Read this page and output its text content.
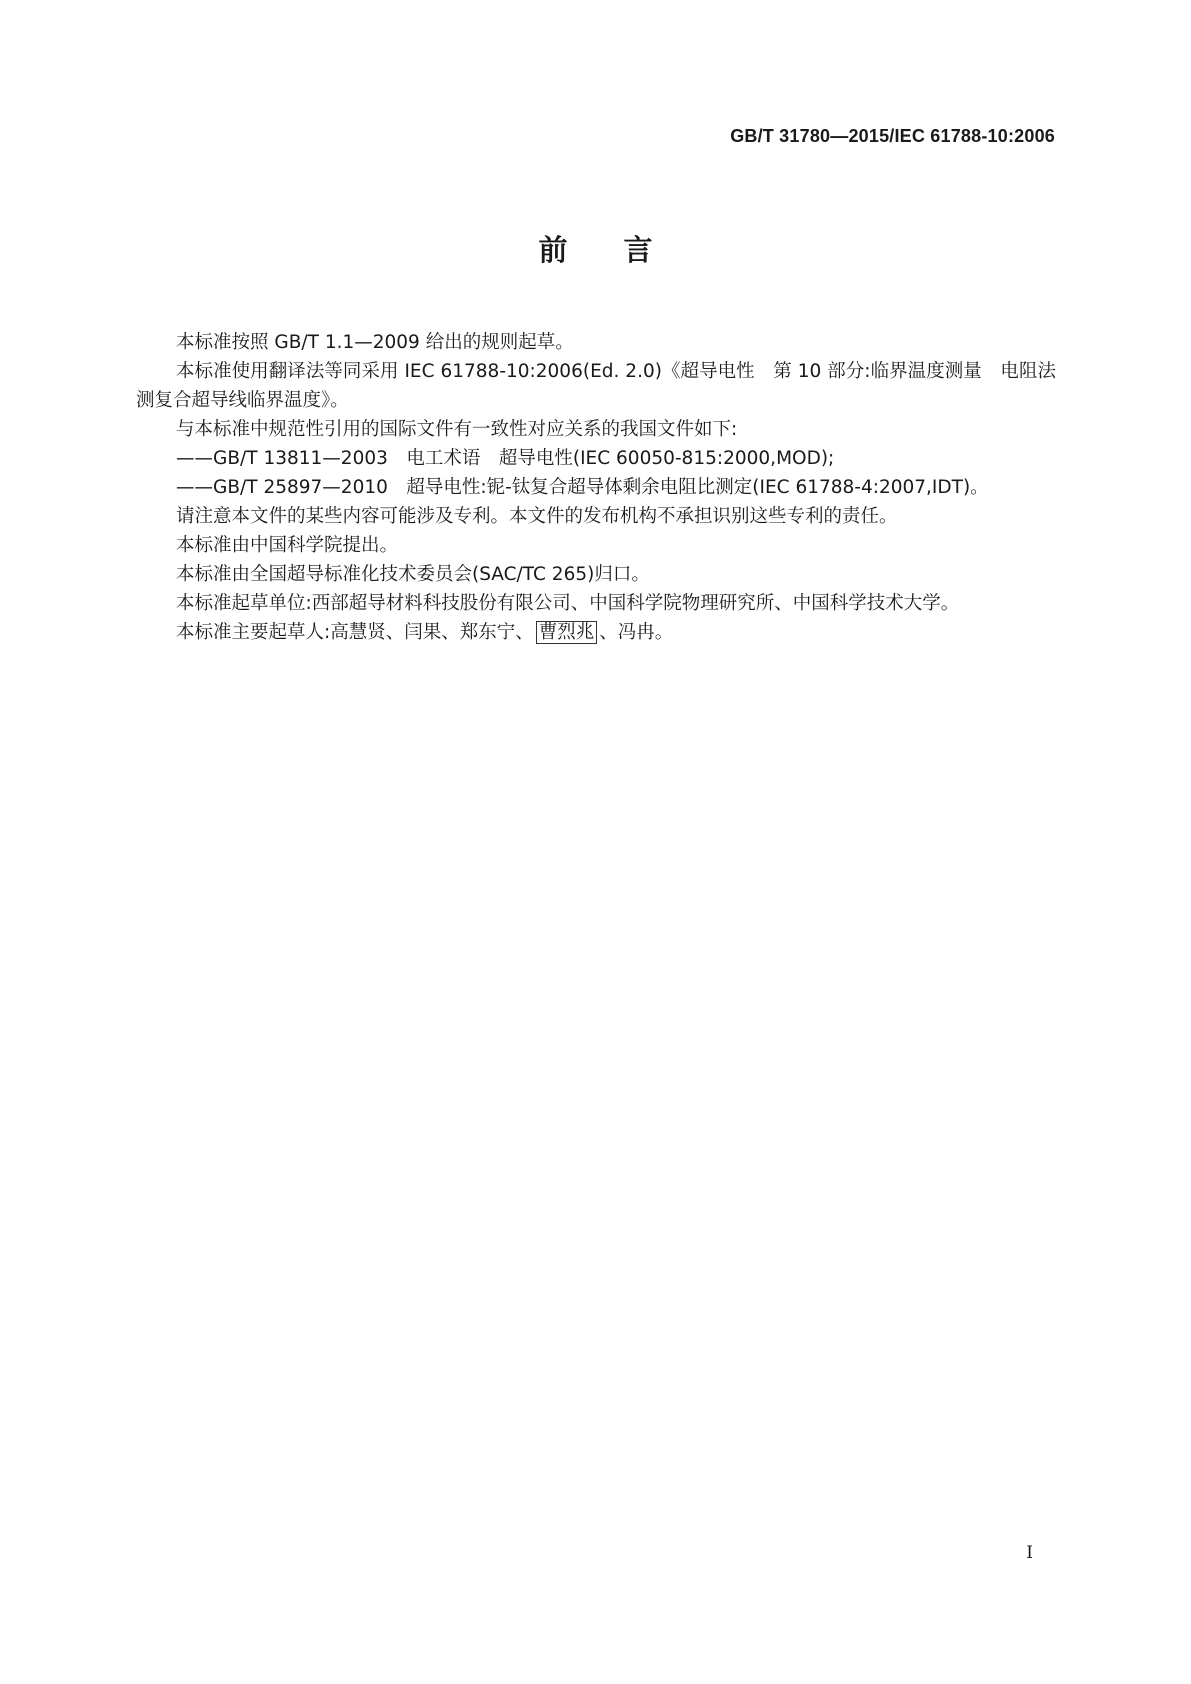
GB/T 31780—2015/IEC 61788-10:2006
前言

本标准按照 GB/T 1.1—2009 给出的规则起草。

本标准使用翻译法等同采用 IEC 61788-10:2006(Ed. 2.0)《超导电性　第 10 部分:临界温度测量　电阻法测复合超导线临界温度》。

与本标准中规范性引用的国际文件有一致性对应关系的我国文件如下:

——GB/T 13811—2003　电工术语　超导电性(IEC 60050-815:2000,MOD);

——GB/T 25897—2010　超导电性:铌-钛复合超导体剩余电阻比测定(IEC 61788-4:2007,IDT)。

请注意本文件的某些内容可能涉及专利。本文件的发布机构不承担识别这些专利的责任。

本标准由中国科学院提出。

本标准由全国超导标准化技术委员会(SAC/TC 265)归口。

本标准起草单位:西部超导材料科技股份有限公司、中国科学院物理研究所、中国科学技术大学。

本标准主要起草人:高慧贤、闫果、郑东宁、 曹烈兆 、冯冉。

I
